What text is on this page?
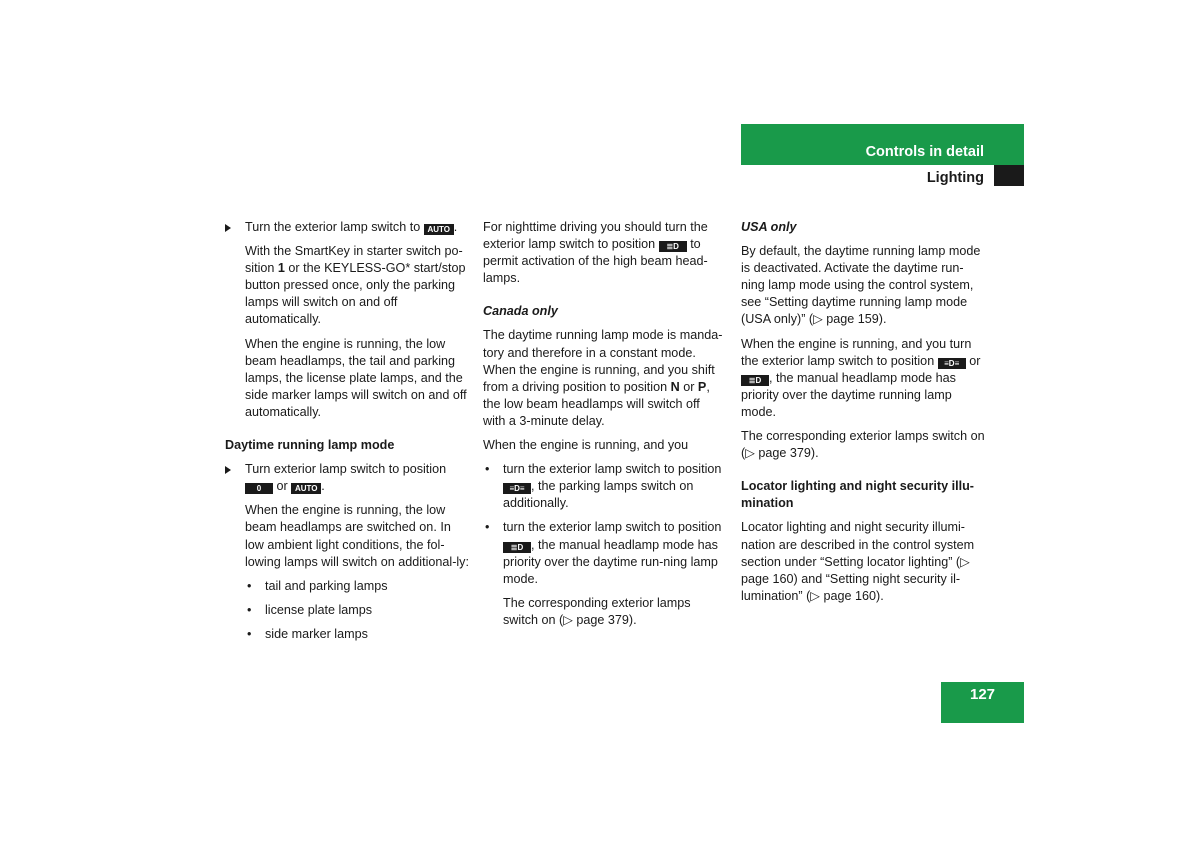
Controls in detail
Lighting

Turn the exterior lamp switch to AUTO .

With the SmartKey in starter switch po-sition 1 or the KEYLESS-GO* start/stop button pressed once, only the parking lamps will switch on and off automatically.

When the engine is running, the low beam headlamps, the tail and parking lamps, the license plate lamps, and the side marker lamps will switch on and off automatically.

Daytime running lamp mode

Turn exterior lamp switch to position 0 or AUTO .

When the engine is running, the low beam headlamps are switched on. In low ambient light conditions, the fol-lowing lamps will switch on additional-ly:

• tail and parking lamps

• license plate lamps

• side marker lamps

For nighttime driving you should turn the exterior lamp switch to position ≣D to permit activation of the high beam head-lamps.

Canada only

The daytime running lamp mode is manda-tory and therefore in a constant mode. When the engine is running, and you shift from a driving position to position N or P, the low beam headlamps will switch off with a 3-minute delay.

When the engine is running, and you

• turn the exterior lamp switch to position ≡D≡ , the parking lamps switch on additionally.

• turn the exterior lamp switch to position ≣D , the manual headlamp mode has priority over the daytime run-ning lamp mode.

The corresponding exterior lamps switch on (▷ page 379).

USA only

By default, the daytime running lamp mode is deactivated. Activate the daytime run-ning lamp mode using the control system, see “Setting daytime running lamp mode (USA only)” (▷ page 159).

When the engine is running, and you turn the exterior lamp switch to position ≡D≡ or ≣D , the manual headlamp mode has priority over the daytime running lamp mode.

The corresponding exterior lamps switch on (▷ page 379).

Locator lighting and night security illu-mination

Locator lighting and night security illumi-nation are described in the control system section under “Setting locator lighting” (▷ page 160) and “Setting night security il-lumination” (▷ page 160).

127
